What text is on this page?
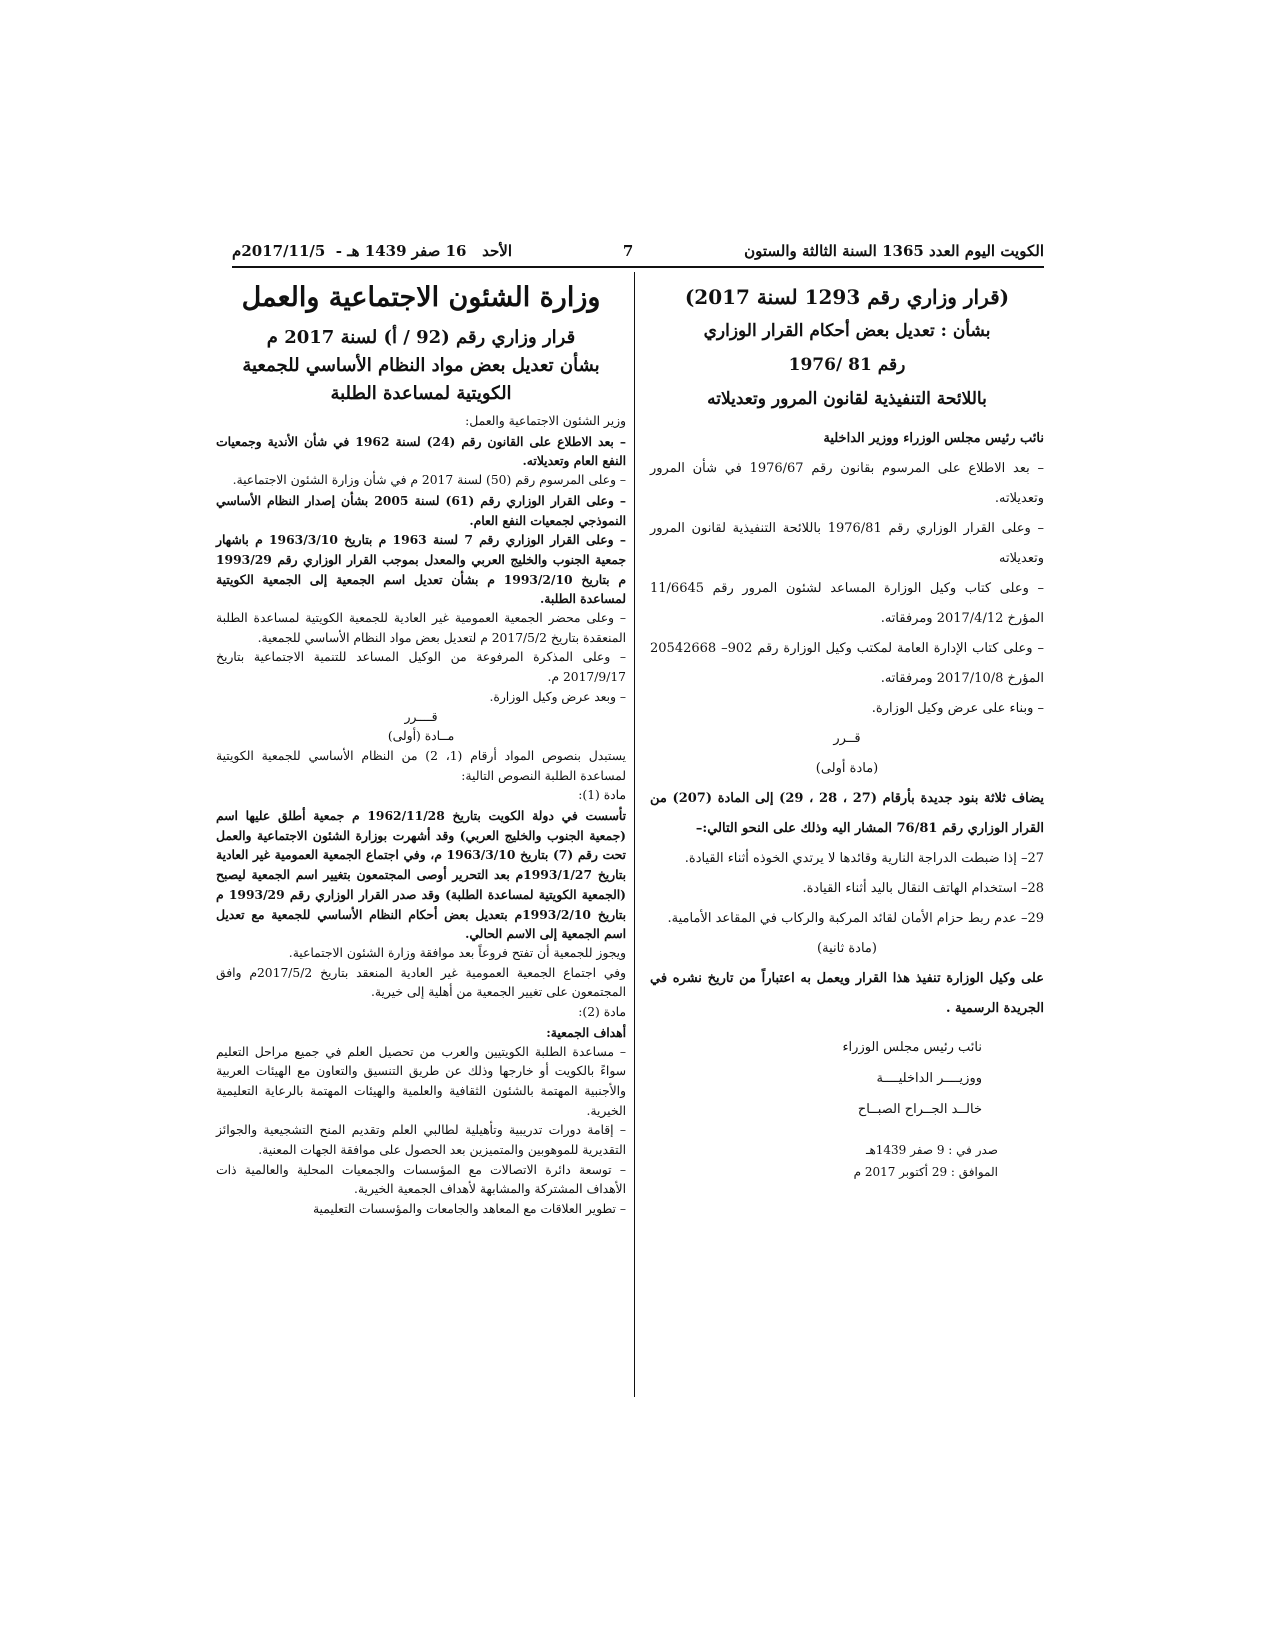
الكويت اليوم العدد 1365 السنة الثالثة والستون
7
الأحد   16 صفر 1439 هـ -  2017/11/5م
(قرار وزاري رقم 1293 لسنة 2017)
بشأن : تعديل بعض أحكام القرار الوزاري
رقم 81 /1976
باللائحة التنفيذية لقانون المرور وتعديلاته

نائب رئيس مجلس الوزراء ووزير الداخلية

– بعد الاطلاع على المرسوم بقانون رقم 1976/67 في شأن المرور وتعديلاته.

– وعلى القرار الوزاري رقم 1976/81 باللائحة التنفيذية لقانون المرور وتعديلاته

– وعلى كتاب وكيل الوزارة المساعد لشئون المرور رقم 11/6645 المؤرخ 2017/4/12 ومرفقاته.

– وعلى كتاب الإدارة العامة لمكتب وكيل الوزارة رقم 902– 20542668 المؤرخ 2017/10/8 ومرفقاته.

– وبناء على عرض وكيل الوزارة.

قــرر

(مادة أولى)

يضاف ثلاثة بنود جديدة بأرقام (27 ، 28 ، 29) إلى المادة (207) من القرار الوزاري رقم 76/81 المشار اليه وذلك على النحو التالي:–

27– إذا ضبطت الدراجة النارية وقائدها لا يرتدي الخوذه أثناء القيادة.

28– استخدام الهاتف النقال باليد أثناء القيادة.

29– عدم ربط حزام الأمان لقائد المركبة والركاب في المقاعد الأمامية.

(مادة ثانية)

على وكيل الوزارة تنفيذ هذا القرار ويعمل به اعتباراً من تاريخ نشره في الجريدة الرسمية .

نائب رئيس مجلس الوزراء

ووزيــــر الداخليــــة

خالــد الجــراح الصبــاح

صدر في : 9 صفر 1439هـ

الموافق : 29 أكتوبر 2017 م

وزارة الشئون الاجتماعية والعمل
قرار وزاري رقم (92 / أ) لسنة 2017 م
بشأن تعديل بعض مواد النظام الأساسي للجمعية
الكويتية لمساعدة الطلبة

وزير الشئون الاجتماعية والعمل:

– بعد الاطلاع على القانون رقم (24) لسنة 1962 في شأن الأندية وجمعيات النفع العام وتعديلاته.

– وعلى المرسوم رقم (50) لسنة 2017 م في شأن وزارة الشئون الاجتماعية.

– وعلى القرار الوزاري رقم (61) لسنة 2005 بشأن إصدار النظام الأساسي النموذجي لجمعيات النفع العام.

– وعلى القرار الوزاري رقم 7 لسنة 1963 م بتاريخ 1963/3/10 م باشهار جمعية الجنوب والخليج العربي والمعدل بموجب القرار الوزاري رقم 1993/29 م بتاريخ 1993/2/10 م بشأن تعديل اسم الجمعية إلى الجمعية الكويتية لمساعدة الطلبة.

– وعلى محضر الجمعية العمومية غير العادية للجمعية الكويتية لمساعدة الطلبة المنعقدة بتاريخ 2017/5/2 م لتعديل بعض مواد النظام الأساسي للجمعية.

– وعلى المذكرة المرفوعة من الوكيل المساعد للتنمية الاجتماعية بتاريخ 2017/9/17 م.

– وبعد عرض وكيل الوزارة.

قــــرر

مــادة (أولى)

يستبدل بنصوص المواد أرقام (1، 2) من النظام الأساسي للجمعية الكويتية لمساعدة الطلبة النصوص التالية:

مادة (1):

تأسست في دولة الكويت بتاريخ 1962/11/28 م جمعية أطلق عليها اسم (جمعية الجنوب والخليج العربي) وقد أشهرت بوزارة الشئون الاجتماعية والعمل تحت رقم (7) بتاريخ 1963/3/10 م، وفي اجتماع الجمعية العمومية غير العادية بتاريخ 1993/1/27م بعد التحرير أوصى المجتمعون بتغيير اسم الجمعية ليصبح (الجمعية الكويتية لمساعدة الطلبة) وقد صدر القرار الوزاري رقم 1993/29 م بتاريخ 1993/2/10م بتعديل بعض أحكام النظام الأساسي للجمعية مع تعديل اسم الجمعية إلى الاسم الحالي.

ويجوز للجمعية أن تفتح فروعاً بعد موافقة وزارة الشئون الاجتماعية.

وفي اجتماع الجمعية العمومية غير العادية المنعقد بتاريخ 2017/5/2م وافق المجتمعون على تغيير الجمعية من أهلية إلى خيرية.

مادة (2):

أهداف الجمعية:

– مساعدة الطلبة الكويتيين والعرب من تحصيل العلم في جميع مراحل التعليم سواءً بالكويت أو خارجها وذلك عن طريق التنسيق والتعاون مع الهيئات العربية والأجنبية المهتمة بالشئون الثقافية والعلمية والهيئات المهتمة بالرعاية التعليمية الخيرية.

– إقامة دورات تدريبية وتأهيلية لطالبي العلم وتقديم المنح التشجيعية والجوائز التقديرية للموهوبين والمتميزين بعد الحصول على موافقة الجهات المعنية.

– توسعة دائرة الاتصالات مع المؤسسات والجمعيات المحلية والعالمية ذات الأهداف المشتركة والمشابهة لأهداف الجمعية الخيرية.

– تطوير العلاقات مع المعاهد والجامعات والمؤسسات التعليمية
